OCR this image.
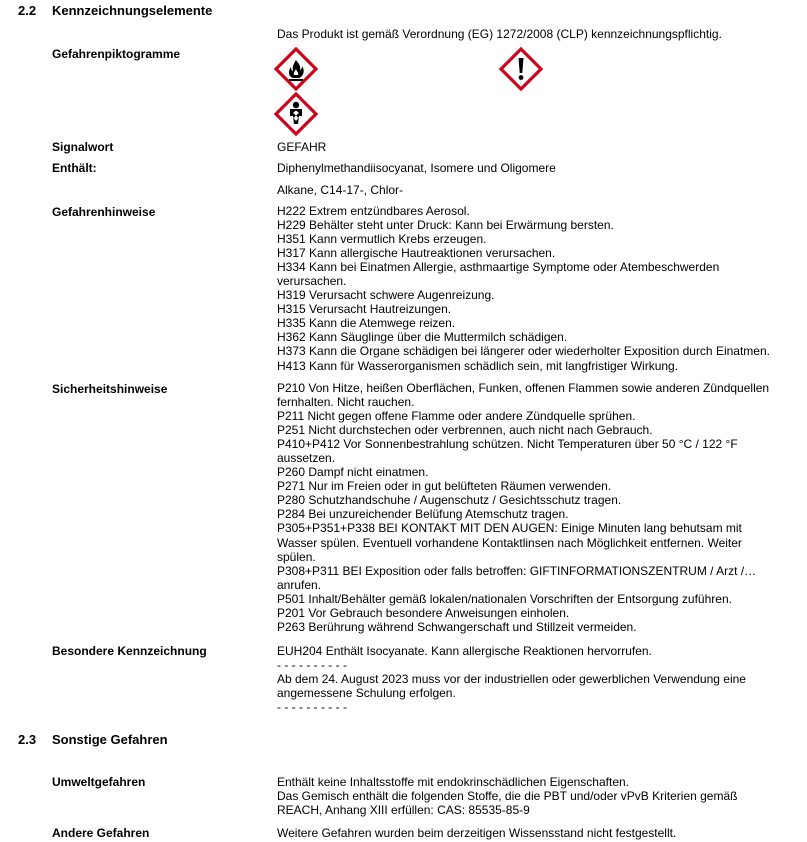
2.2 Kennzeichnungselemente
Das Produkt ist gemäß Verordnung (EG) 1272/2008 (CLP) kennzeichnungspflichtig.
Gefahrenpiktogramme
Signalwort	GEFAHR
Enthält:	Diphenylmethandiisocyanat, Isomere und Oligomere
Alkane, C14-17-, Chlor-
Gefahrenhinweise	H222 Extrem entzündbares Aerosol.
H229 Behälter steht unter Druck: Kann bei Erwärmung bersten.
H351 Kann vermutlich Krebs erzeugen.
H317 Kann allergische Hautreaktionen verursachen.
H334 Kann bei Einatmen Allergie, asthmaartige Symptome oder Atembeschwerden
verursachen.
H319 Verursacht schwere Augenreizung.
H315 Verursacht Hautreizungen.
H335 Kann die Atemwege reizen.
H362 Kann Säuglinge über die Muttermilch schädigen.
H373 Kann die Organe schädigen bei längerer oder wiederholter Exposition durch Einatmen.
H413 Kann für Wasserorganismen schädlich sein, mit langfristiger Wirkung.
Sicherheitshinweise	P210 Von Hitze, heißen Oberflächen, Funken, offenen Flammen sowie anderen Zündquellen
fernhalten. Nicht rauchen.
P211 Nicht gegen offene Flamme oder andere Zündquelle sprühen.
P251 Nicht durchstechen oder verbrennen, auch nicht nach Gebrauch.
P410+P412 Vor Sonnenbestrahlung schützen. Nicht Temperaturen über 50 °C / 122 °F
aussetzen.
P260 Dampf nicht einatmen.
P271 Nur im Freien oder in gut belüfteten Räumen verwenden.
P280 Schutzhandschuhe / Augenschutz / Gesichtsschutz tragen.
P284 Bei unzureichender Belüfung Atemschutz tragen.
P305+P351+P338 BEI KONTAKT MIT DEN AUGEN: Einige Minuten lang behutsam mit
Wasser spülen. Eventuell vorhandene Kontaktlinsen nach Möglichkeit entfernen. Weiter
spülen.
P308+P311 BEI Exposition oder falls betroffen: GIFTINFORMATIONSZENTRUM / Arzt /…
anrufen.
P501 Inhalt/Behälter gemäß lokalen/nationalen Vorschriften der Entsorgung zuführen.
P201 Vor Gebrauch besondere Anweisungen einholen.
P263 Berührung während Schwangerschaft und Stillzeit vermeiden.
Besondere Kennzeichnung	EUH204 Enthält Isocyanate. Kann allergische Reaktionen hervorrufen.
- - - - - - - - - -
Ab dem 24. August 2023 muss vor der industriellen oder gewerblichen Verwendung eine
angemessene Schulung erfolgen.
- - - - - - - - - -
2.3 Sonstige Gefahren
Umweltgefahren	Enthält keine Inhaltsstoffe mit endokrinschädlichen Eigenschaften.
Das Gemisch enthält die folgenden Stoffe, die die PBT und/oder vPvB Kriterien gemäß
REACH, Anhang XIII erfüllen: CAS: 85535-85-9
Andere Gefahren	Weitere Gefahren wurden beim derzeitigen Wissensstand nicht festgestellt.
